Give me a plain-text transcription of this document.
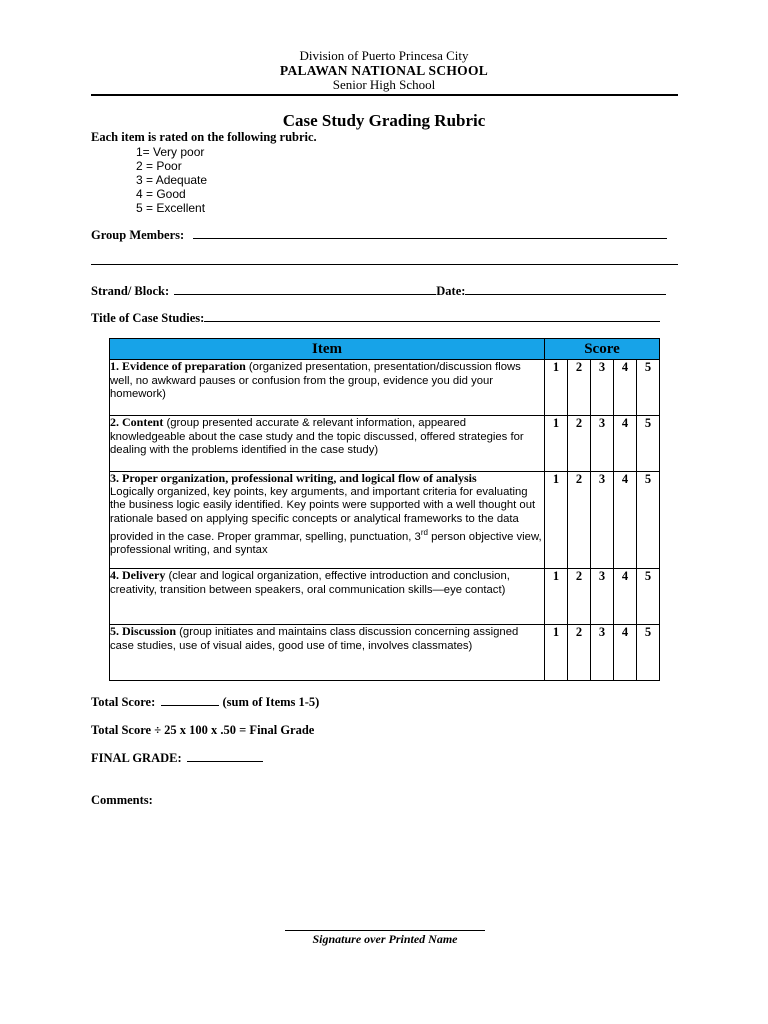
Division of Puerto Princesa City
PALAWAN NATIONAL SCHOOL
Senior High School
Case Study Grading Rubric
Each item is rated on the following rubric.
1= Very poor
2 = Poor
3 = Adequate
4 = Good
5 = Excellent
Group Members:
Strand/ Block:	Date:
Title of Case Studies:
Item	Score				
1. Evidence of preparation (organized presentation, presentation/discussion flows well, no awkward pauses or confusion from the group, evidence you did your homework)	1	2	3	4	5
2. Content (group presented accurate & relevant information, appeared knowledgeable about the case study and the topic discussed, offered strategies for dealing with the problems identified in the case study)	1	2	3	4	5

3. Proper organization, professional writing, and logical flow of analysis
Logically organized, key points, key arguments, and important criteria for evaluating the business logic easily identified. Key points were supported with a well thought out rationale based on applying specific concepts or analytical frameworks to the data provided in the case. Proper grammar, spelling, punctuation, 3rd person objective view, professional writing, and syntax	1	2	3	4	5
4. Delivery (clear and logical organization, effective introduction and conclusion, creativity, transition between speakers, oral communication skills—eye contact)	1	2	3	4	5
5. Discussion (group initiates and maintains class discussion concerning assigned case studies, use of visual aides, good use of time, involves classmates)	1	2	3	4	5
Total Score:	(sum of Items 1-5)
Total Score ÷ 25 x 100 x .50 = Final Grade
FINAL GRADE:
Comments:
Signature over Printed Name
